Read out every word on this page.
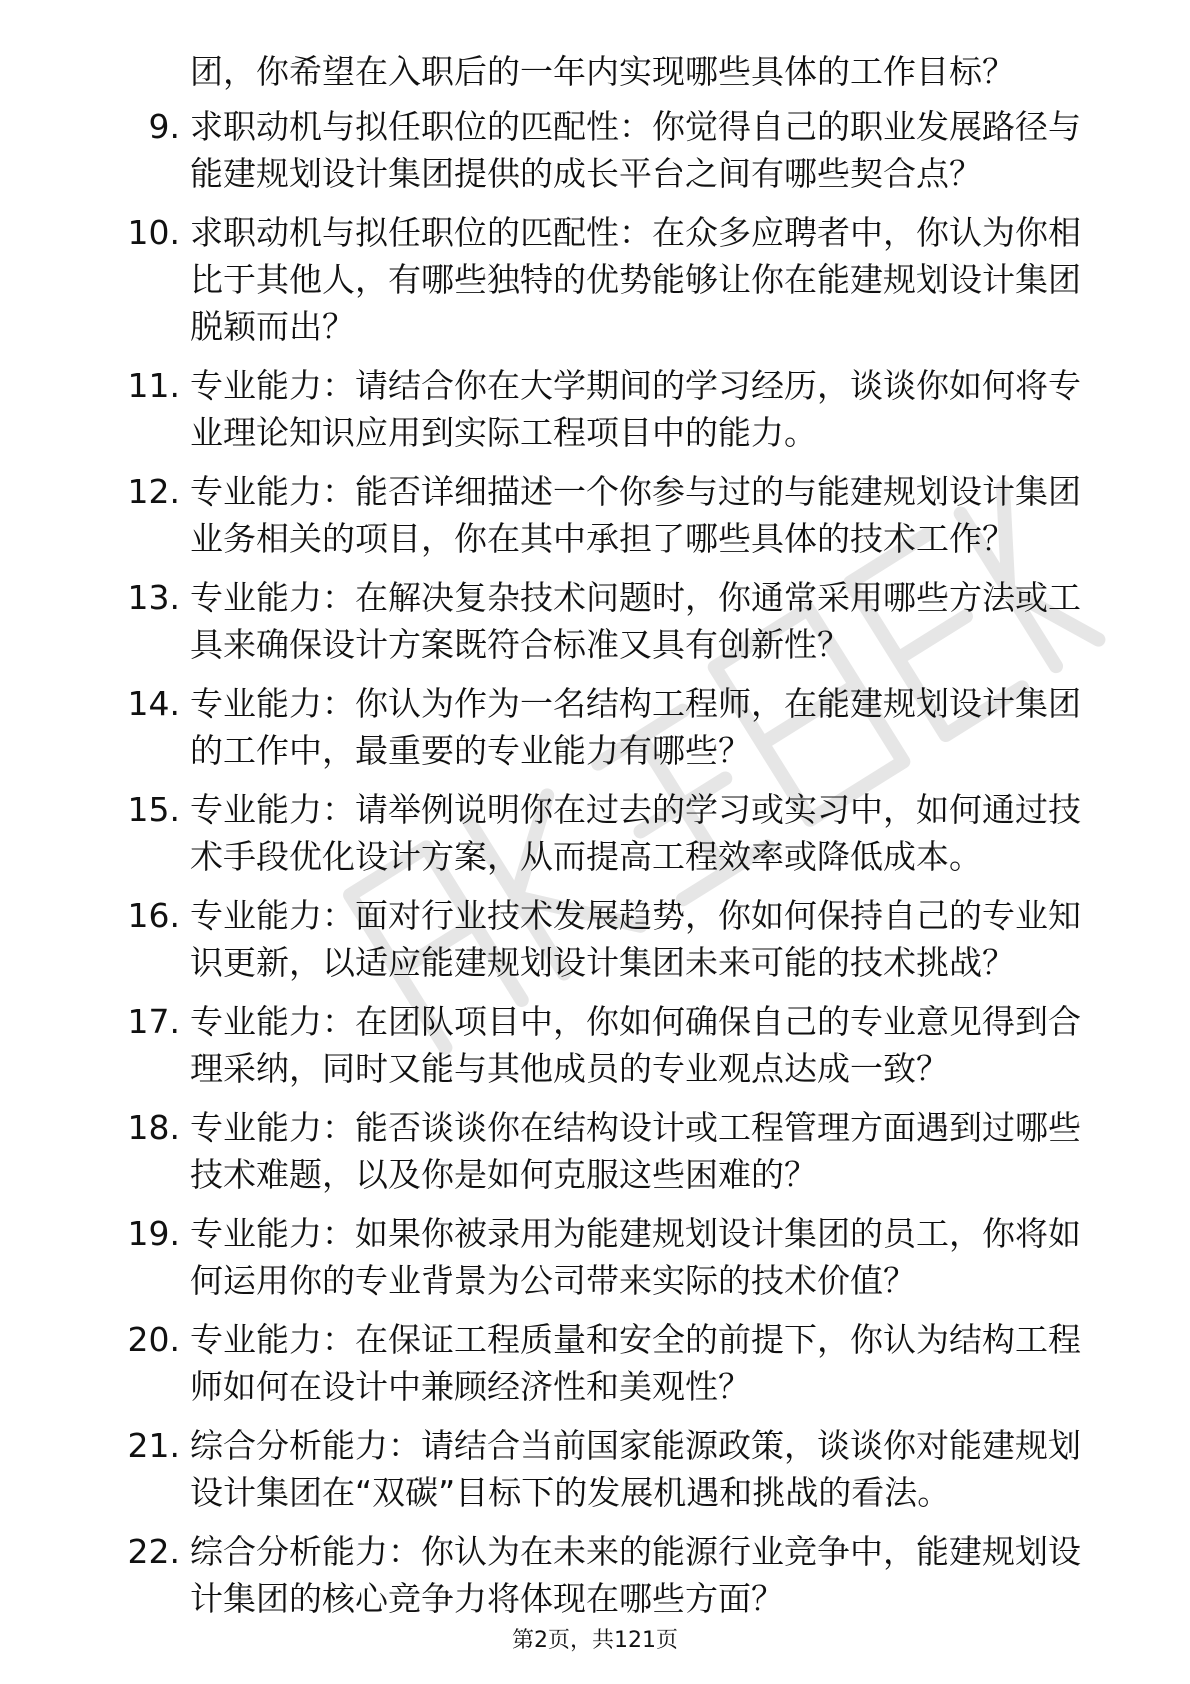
团，你希望在入职后的一年内实现哪些具体的工作目标？
9. 求职动机与拟任职位的匹配性：你觉得自己的职业发展路径与能建规划设计集团提供的成长平台之间有哪些契合点？
10. 求职动机与拟任职位的匹配性：在众多应聘者中，你认为你相比于其他人，有哪些独特的优势能够让你在能建规划设计集团脱颖而出？
11. 专业能力：请结合你在大学期间的学习经历，谈谈你如何将专业理论知识应用到实际工程项目中的能力。
12. 专业能力：能否详细描述一个你参与过的与能建规划设计集团业务相关的项目，你在其中承担了哪些具体的技术工作？
13. 专业能力：在解决复杂技术问题时，你通常采用哪些方法或工具来确保设计方案既符合标准又具有创新性？
14. 专业能力：你认为作为一名结构工程师，在能建规划设计集团的工作中，最重要的专业能力有哪些？
15. 专业能力：请举例说明你在过去的学习或实习中，如何通过技术手段优化设计方案，从而提高工程效率或降低成本。
16. 专业能力：面对行业技术发展趋势，你如何保持自己的专业知识更新，以适应能建规划设计集团未来可能的技术挑战？
17. 专业能力：在团队项目中，你如何确保自己的专业意见得到合理采纳，同时又能与其他成员的专业观点达成一致？
18. 专业能力：能否谈谈你在结构设计或工程管理方面遇到过哪些技术难题，以及你是如何克服这些困难的？
19. 专业能力：如果你被录用为能建规划设计集团的员工，你将如何运用你的专业背景为公司带来实际的技术价值？
20. 专业能力：在保证工程质量和安全的前提下，你认为结构工程师如何在设计中兼顾经济性和美观性？
21. 综合分析能力：请结合当前国家能源政策，谈谈你对能建规划设计集团在“双碳”目标下的发展机遇和挑战的看法。
22. 综合分析能力：你认为在未来的能源行业竞争中，能建规划设计集团的核心竞争力将体现在哪些方面？
第2页，共121页
